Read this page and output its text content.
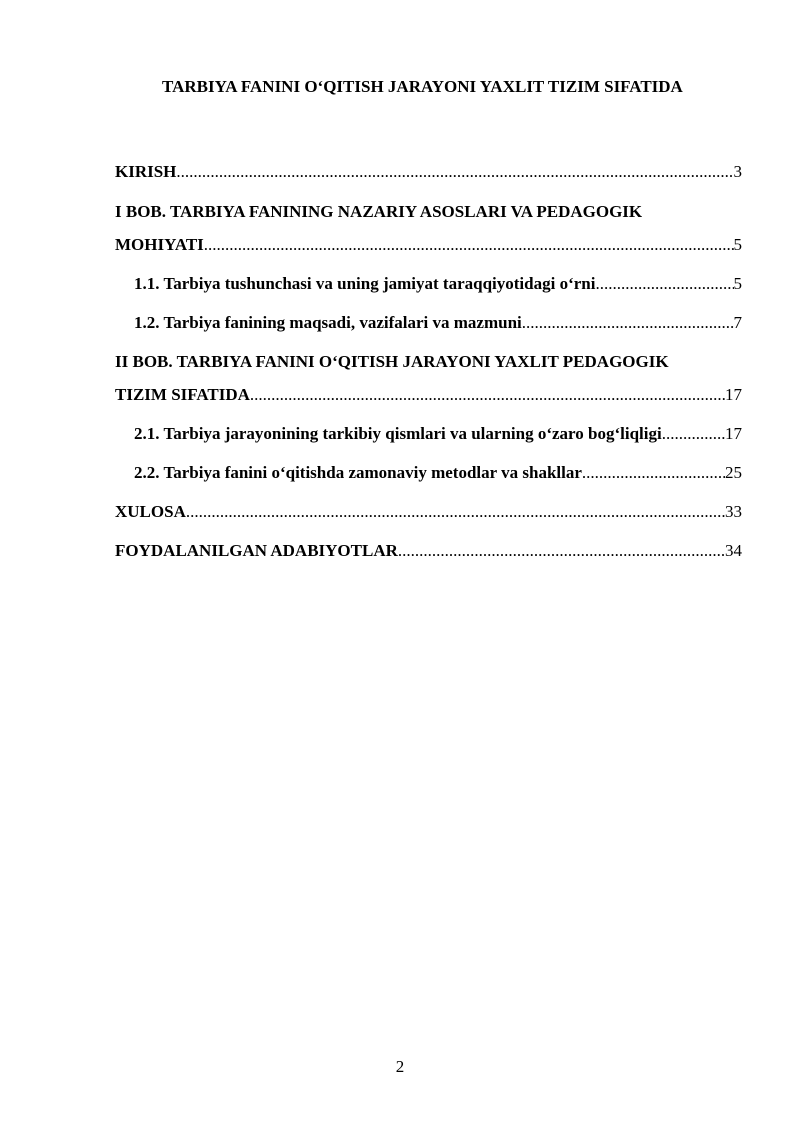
TARBIYA FANINI O‘QITISH JARAYONI YAXLIT TIZIM SIFATIDA
KIRISH .....	3
I BOB. TARBIYA FANINING NAZARIY ASOSLARI VA PEDAGOGIK
MOHIYATI .....	5
1.1. Tarbiya tushunchasi va uning jamiyat taraqqiyotidagi o‘rni .....	5
1.2. Tarbiya fanining maqsadi, vazifalari va mazmuni .....	7
II BOB. TARBIYA FANINI O‘QITISH JARAYONI YAXLIT PEDAGOGIK
TIZIM SIFATIDA .....	17
2.1. Tarbiya jarayonining tarkibiy qismlari va ularning o‘zaro bog‘liqligi .....	17
2.2. Tarbiya fanini o‘qitishda zamonaviy metodlar va shakllar .....	25
XULOSA .....	33
FOYDALANILGAN ADABIYOTLAR .....	34
2
